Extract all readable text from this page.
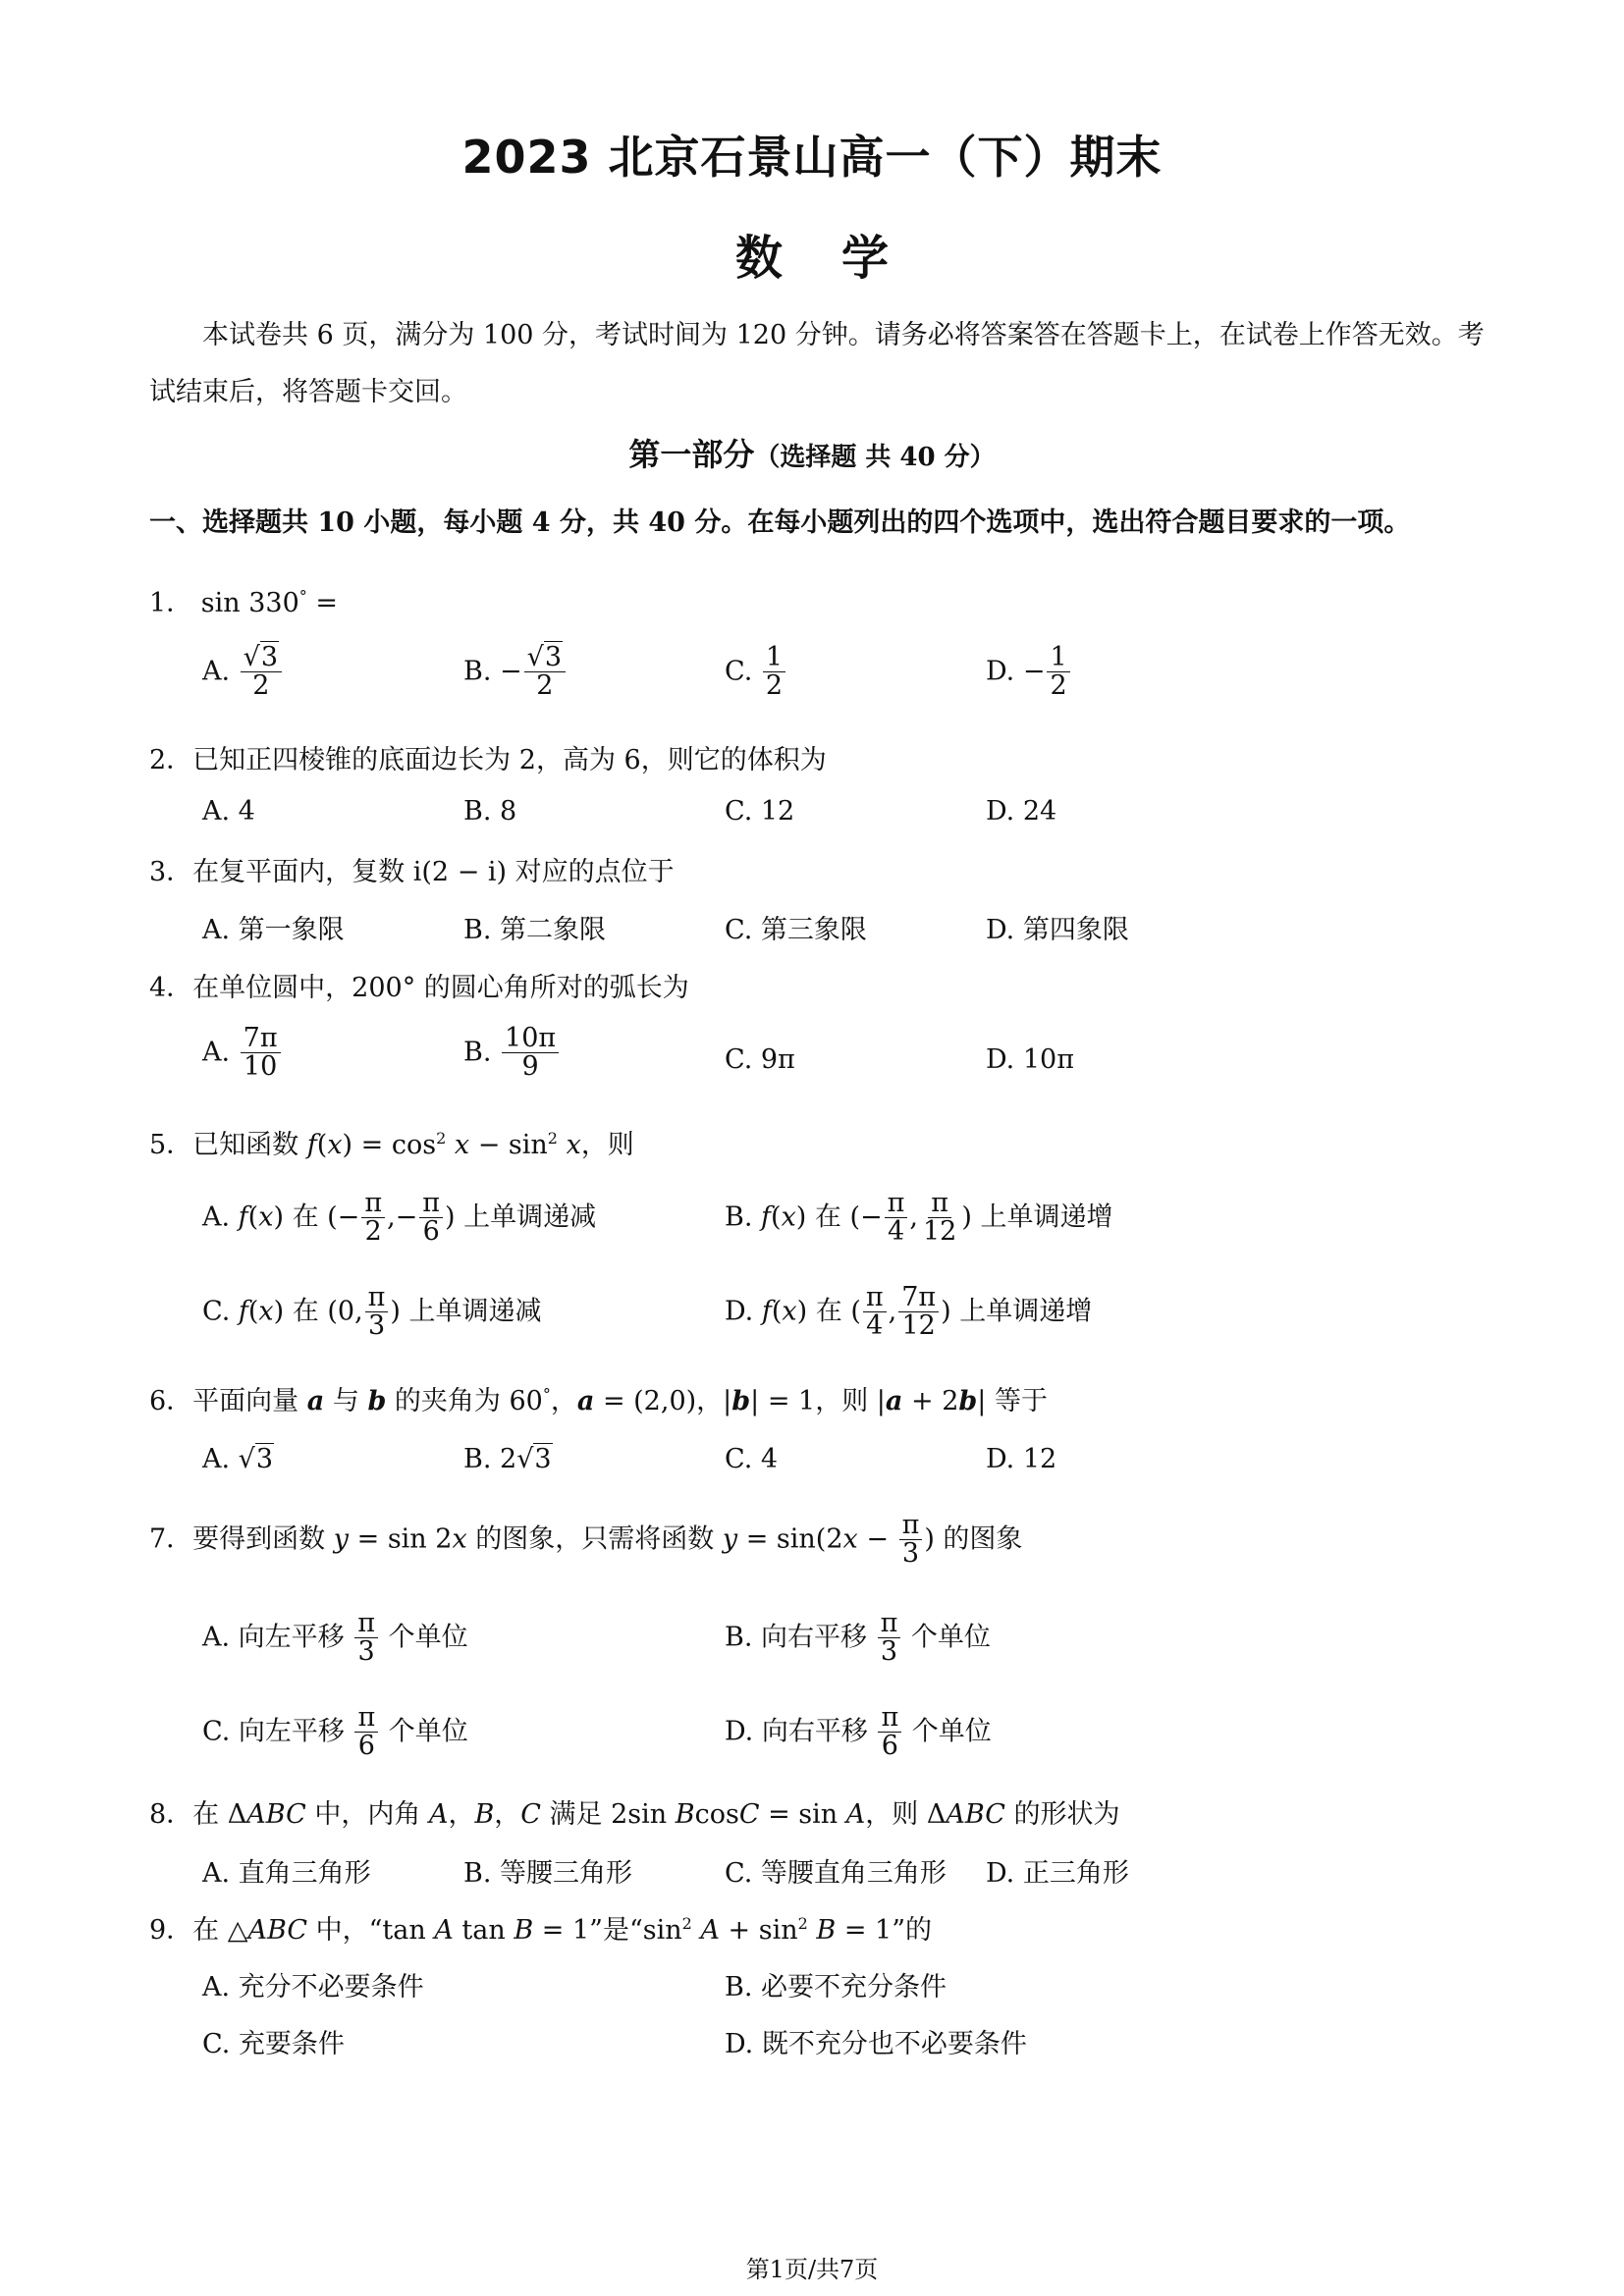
2023 北京石景山高一（下）期末
数学
本试卷共 6 页，满分为 100 分，考试时间为 120 分钟。请务必将答案答在答题卡上，在试卷上作答无效。考试结束后，将答题卡交回。
第一部分（选择题 共 40 分）
一、选择题共 10 小题，每小题 4 分，共 40 分。在每小题列出的四个选项中，选出符合题目要求的一项。
1． sin 330° =
A. $\frac{√3}{2}$	B. − $\frac{√3}{2}$	C. $\frac{1}{2}$	D. − $\frac{1}{2}$
2．已知正四棱锥的底面边长为 2，高为 6，则它的体积为
A. 4	B. 8	C. 12	D. 24
3．在复平面内，复数 i(2 − i) 对应的点位于
A. 第一象限	B. 第二象限	C. 第三象限	D. 第四象限
4．在单位圆中，200° 的圆心角所对的弧长为
A. $\frac{7\pi}{10}$	B. $\frac{10\pi}{9}$	C. 9π	D. 10π
5．已知函数 $f(x) = \cos^2 x - \sin^2 x$，则
A. f(x) 在 (− $\frac{\pi}{2}$ ,− $\frac{\pi}{6}$ ) 上单调递减	B. f(x) 在 (− $\frac{\pi}{4}$ , $\frac{\pi}{12}$ ) 上单调递增
C. f(x) 在 (0, $\frac{\pi}{3}$ ) 上单调递减	D. f(x) 在 ( $\frac{\pi}{4}$ , $\frac{7\pi}{12}$ ) 上单调递增
6．平面向量 a 与 b 的夹角为 60°，a = (2,0)，|b| = 1，则 |a + 2b| 等于
A. √3	B. 2√3	C. 4	D. 12
7．要得到函数 y = sin 2x 的图象，只需将函数 $y = \sin(2x - \frac{\pi}{3}$ ) 的图象
A. 向左平移 $\frac{\pi}{3}$ 个单位	B. 向右平移 $\frac{\pi}{3}$ 个单位
C. 向左平移 $\frac{\pi}{6}$ 个单位	D. 向右平移 $\frac{\pi}{6}$ 个单位
8．在 ΔABC 中，内角 A，B，C 满足 2sin BcosC = sin A，则 ΔABC 的形状为
A. 直角三角形	B. 等腰三角形	C. 等腰直角三角形 D. 正三角形
9．在 △ABC 中，“tan A tan B = 1”是“$\sin^2$ $A + \sin^2 B = 1$”的
A. 充分不必要条件	B. 必要不充分条件
C. 充要条件	D. 既不充分也不必要条件
第1页/共7页
